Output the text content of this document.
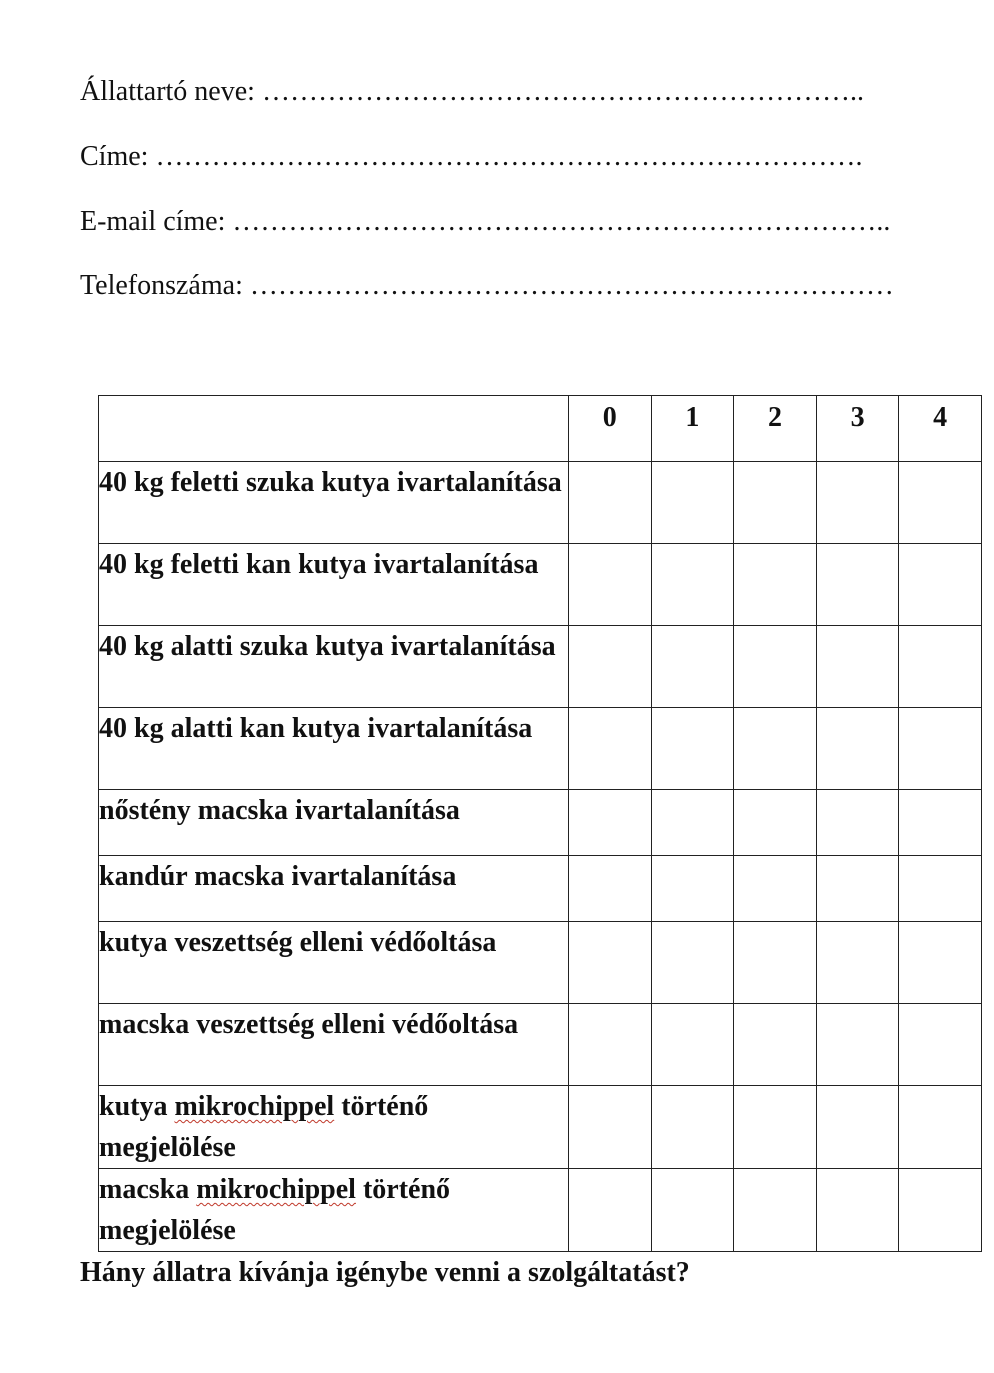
Állattartó neve: ………………………………………………………..
Címe: ………………………………………………………………….
E-mail címe: ……………………………………………………………..
Telefonszáma: ……………………………………………………………
	0	1	2	3	4
40 kg feletti szuka kutya ivartalanítása					
40 kg feletti kan kutya ivartalanítása					
40 kg alatti szuka kutya ivartalanítása					
40 kg alatti kan kutya ivartalanítása					
nőstény macska ivartalanítása					
kandúr macska ivartalanítása					
kutya veszettség elleni védőoltása					
macska veszettség elleni védőoltása					
kutya mikrochippel történő megjelölése					
macska mikrochippel történő megjelölése					
Hány állatra kívánja igénybe venni a szolgáltatást?
